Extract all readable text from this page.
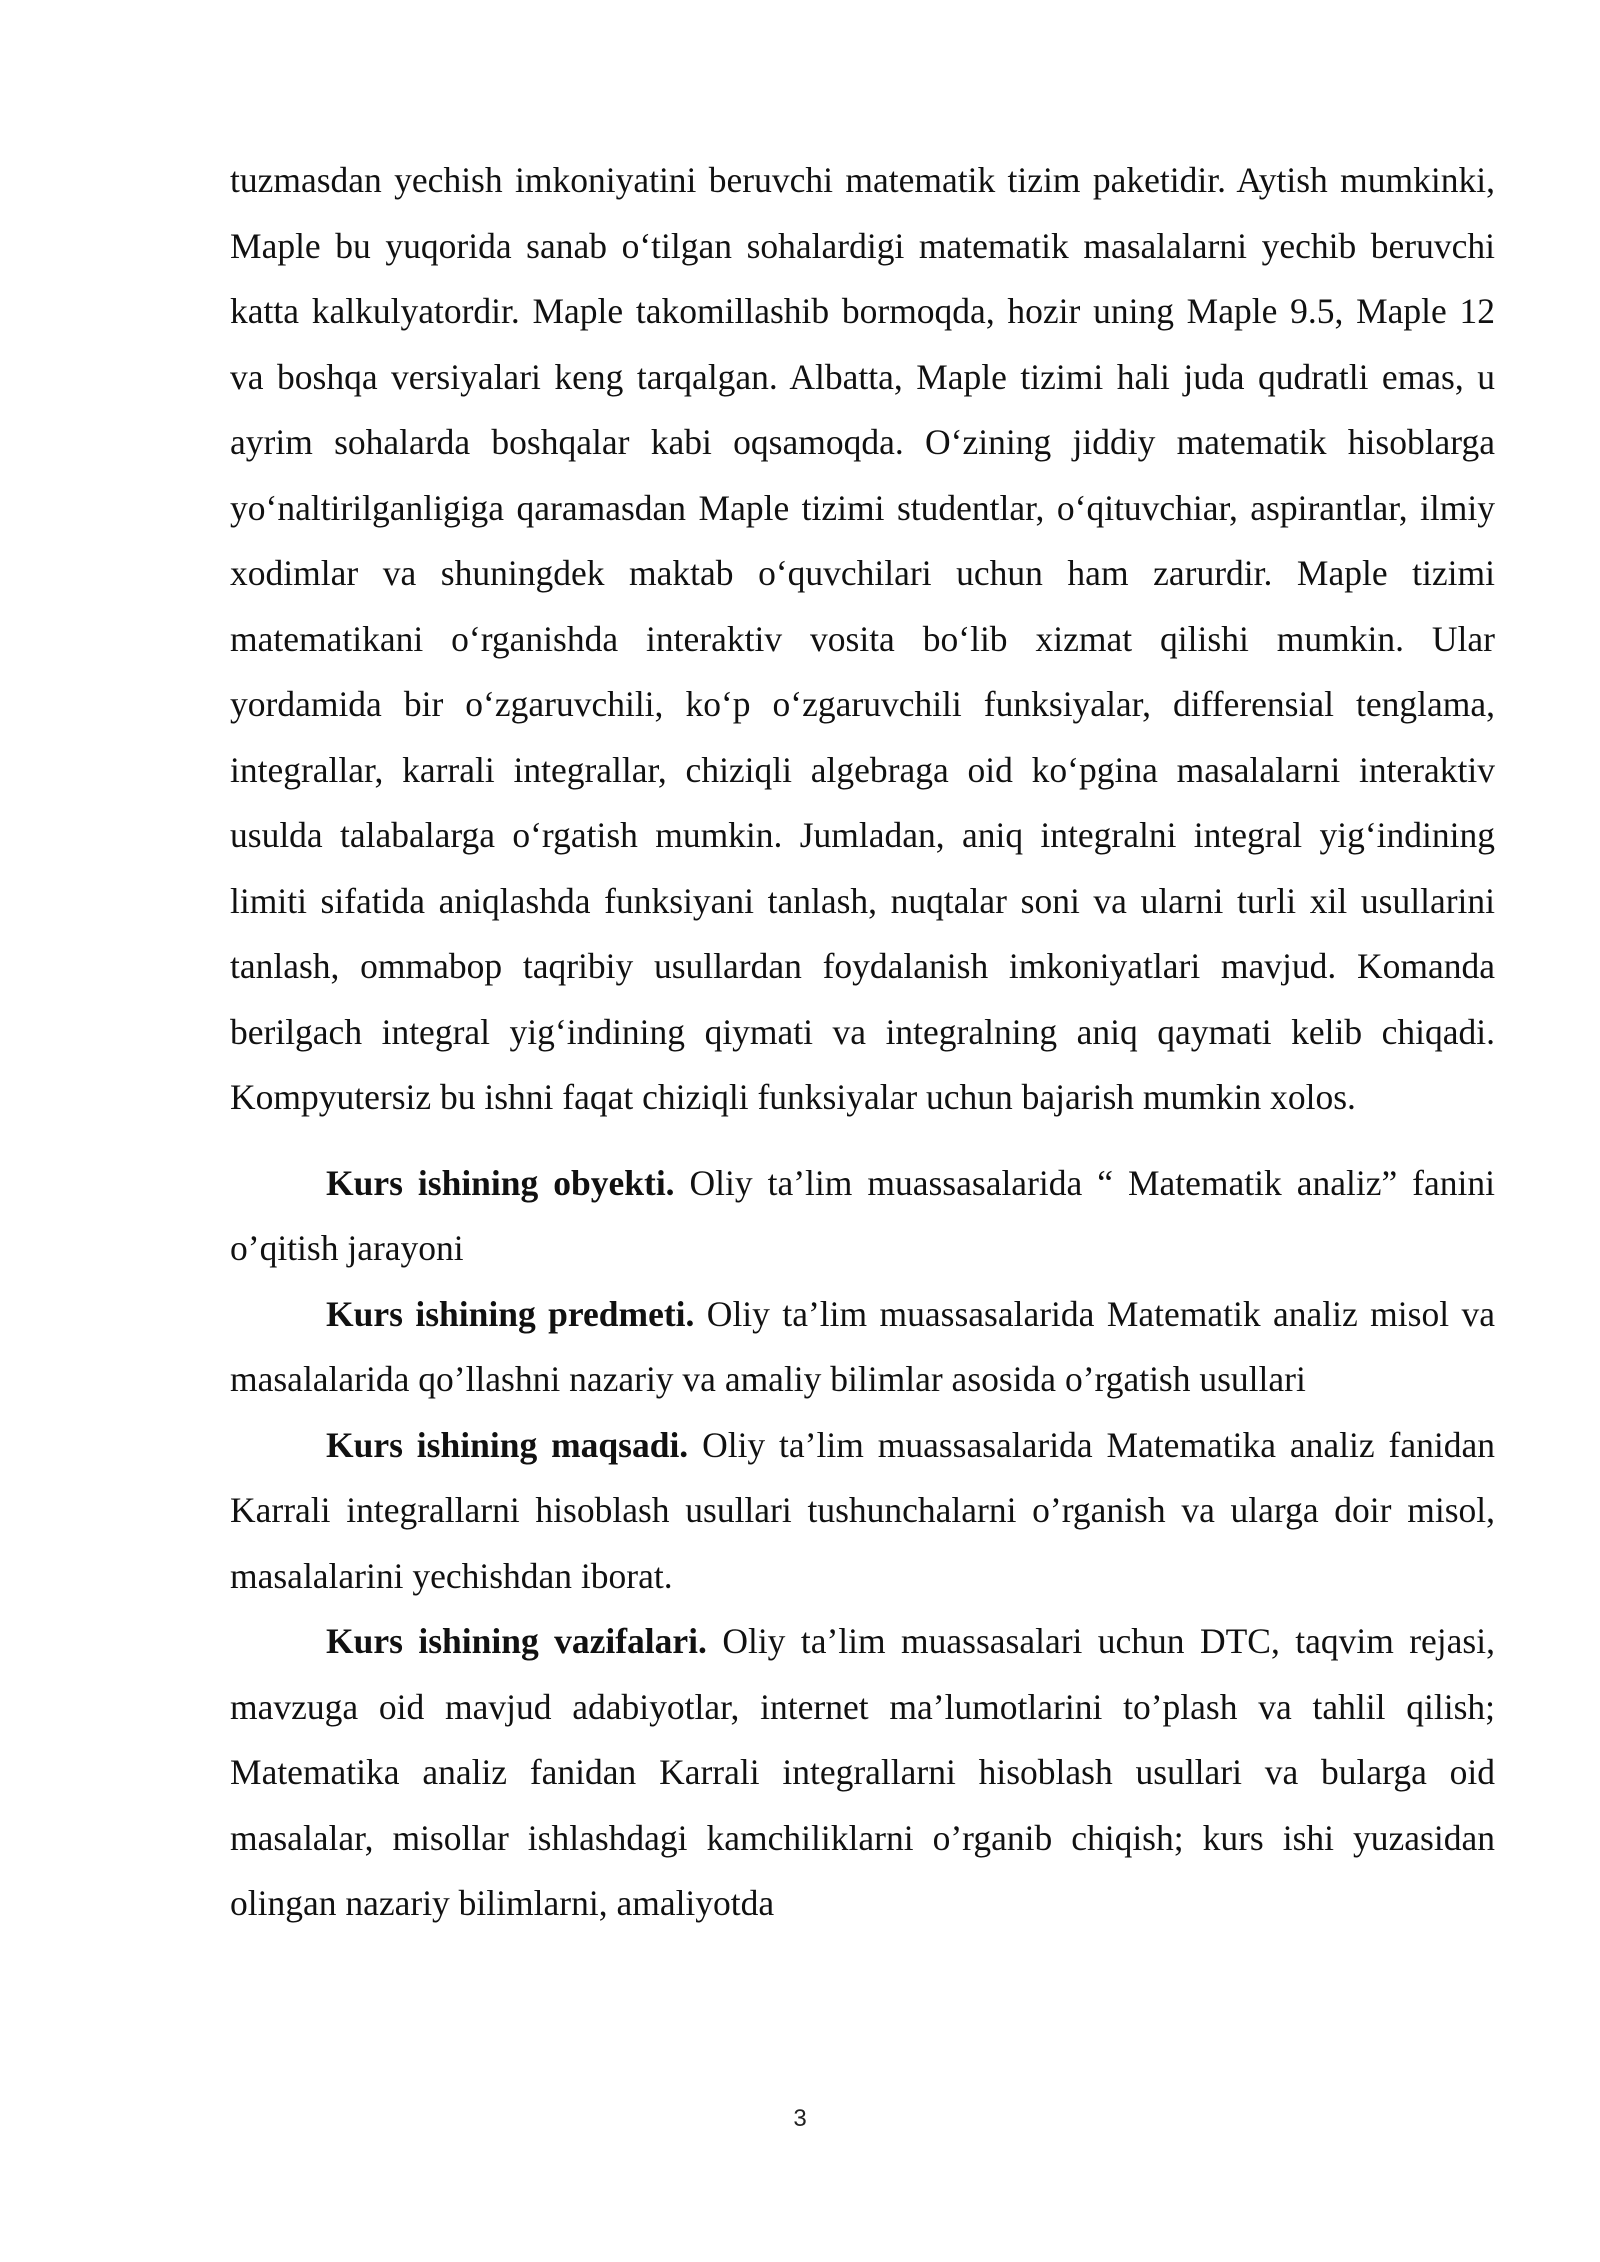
tuzmasdan yechish imkoniyatini beruvchi matematik tizim paketidir. Aytish mumkinki, Maple bu yuqorida sanab o‘tilgan sohalardigi matematik masalalarni yechib beruvchi katta kalkulyatordir. Maple takomillashib bormoqda, hozir uning Maple 9.5, Maple 12 va boshqa versiyalari keng tarqalgan. Albatta, Maple tizimi hali juda qudratli emas, u ayrim sohalarda boshqalar kabi oqsamoqda. O‘zining jiddiy matematik hisoblarga yo‘naltirilganligiga qaramasdan Maple tizimi studentlar, o‘qituvchiar, aspirantlar, ilmiy xodimlar va shuningdek maktab o‘quvchilari uchun ham zarurdir. Maple tizimi matematikani o‘rganishda interaktiv vosita bo‘lib xizmat qilishi mumkin. Ular yordamida bir o‘zgaruvchili, ko‘p o‘zgaruvchili funksiyalar, differensial tenglama, integrallar, karrali integrallar, chiziqli algebraga oid ko‘pgina masalalarni interaktiv usulda talabalarga o‘rgatish mumkin. Jumladan, aniq integralni integral yig‘indining limiti sifatida aniqlashda funksiyani tanlash, nuqtalar soni va ularni turli xil usullarini tanlash, ommabop taqribiy usullardan foydalanish imkoniyatlari mavjud. Komanda berilgach integral yig‘indining qiymati va integralning aniq qaymati kelib chiqadi. Kompyutersiz bu ishni faqat chiziqli funksiyalar uchun bajarish mumkin xolos.

Kurs ishining obyekti. Oliy ta’lim muassasalarida “ Matematik analiz” fanini o’qitish jarayoni

Kurs ishining predmeti. Oliy ta’lim muassasalarida Matematik analiz misol va masalalarida qo’llashni nazariy va amaliy bilimlar asosida o’rgatish usullari

Kurs ishining maqsadi. Oliy ta’lim muassasalarida Matematika analiz fanidan Karrali integrallarni hisoblash usullari tushunchalarni o’rganish va ularga doir misol, masalalarini yechishdan iborat.

Kurs ishining vazifalari. Oliy ta’lim muassasalari uchun DTC, taqvim rejasi, mavzuga oid mavjud adabiyotlar, internet ma’lumotlarini to’plash va tahlil qilish; Matematika analiz fanidan Karrali integrallarni hisoblash usullari va bularga oid masalalar, misollar ishlashdagi kamchiliklarni o’rganib chiqish; kurs ishi yuzasidan olingan nazariy bilimlarni, amaliyotda

3
